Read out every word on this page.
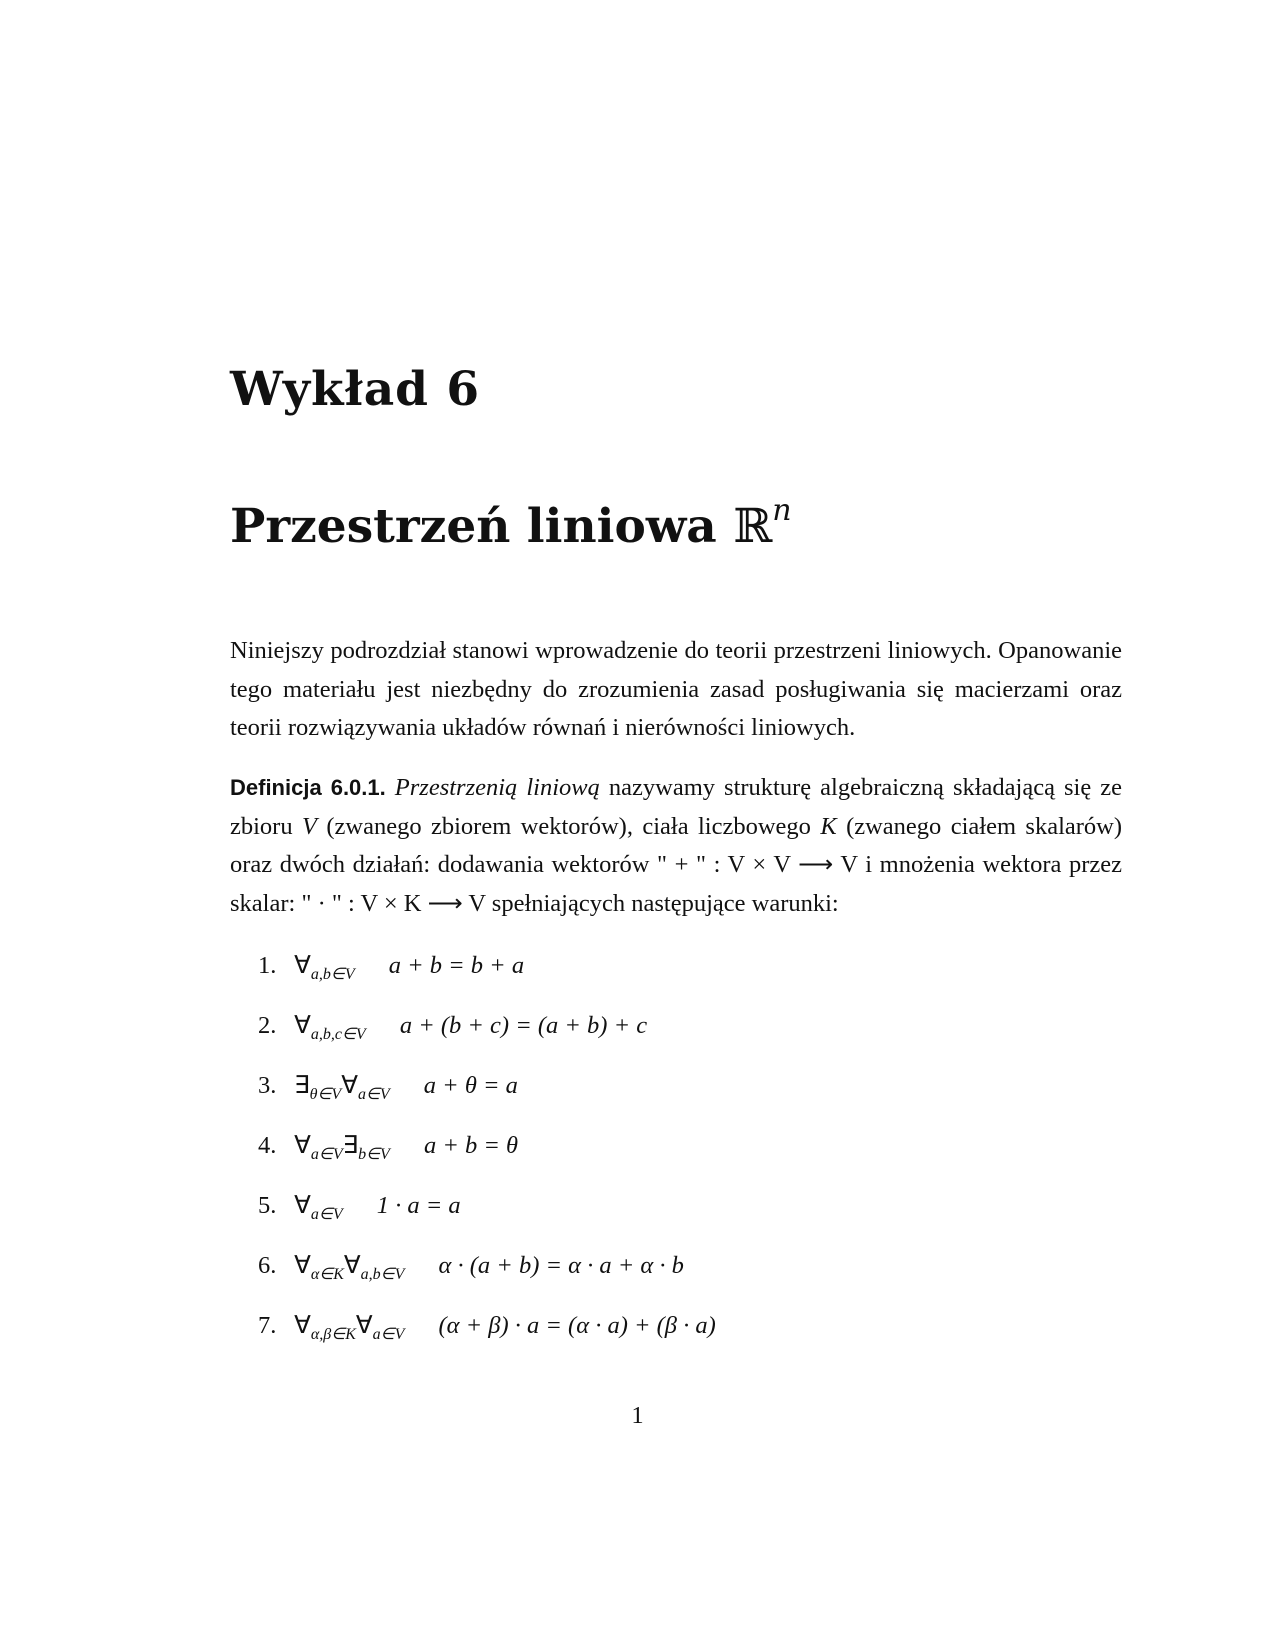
Wykład 6
Przestrzeń liniowa ℝ$^n$

Niniejszy podrozdział stanowi wprowadzenie do teorii przestrzeni liniowych. Opanowanie tego materiału jest niezbędny do zrozumienia zasad posługiwania się macierzami oraz teorii rozwiązywania układów równań i nierówności liniowych.

Definicja 6.0.1. Przestrzenią liniową nazywamy strukturę algebraiczną składającą się ze zbioru V (zwanego zbiorem wektorów), ciała liczbowego K (zwanego ciałem skalarów) oraz dwóch działań: dodawania wektorów " + " : V × V ⟶ V i mnożenia wektora przez skalar: " · " : V × K ⟶ V spełniających następujące warunki:

1. $\forall_{a,b\in V}$ a + b = b + a
2. $\forall_{a,b,c\in V}$ a + (b + c) = (a + b) + c
3. $\exists_{\theta\in V}\forall_{a\in V}$ a + θ = a
4. $\forall_{a\in V}\exists_{b\in V}$ a + b = θ
5. $\forall_{a\in V}$ 1 · a = a
6. $\forall_{\alpha\in K}\forall_{a,b\in V}$ α · (a + b) = α · a + α · b
7. $\forall_{\alpha,\beta\in K}\forall_{a\in V}$ (α + β) · a = (α · a) + (β · a)
1
